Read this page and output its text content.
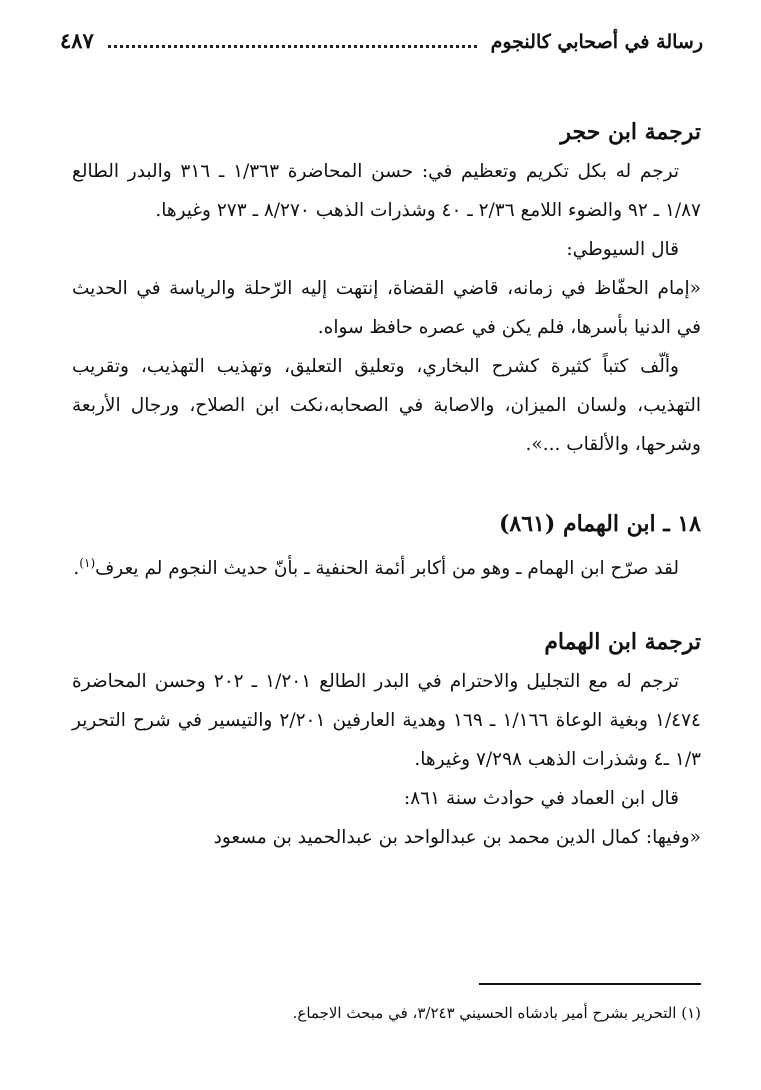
رسالة في أصحابي كالنجوم
٤٨٧
ترجمة ابن حجر

ترجم له بكل تكريم وتعظيم في: حسن المحاضرة ١/٣٦٣ ـ ٣١٦ والبدر الطالع ١/٨٧ ـ ٩٢ والضوء اللامع ٢/٣٦ ـ ٤٠ وشذرات الذهب ٨/٢٧٠ ـ ٢٧٣ وغيرها.

قال السيوطي:

«إمام الحفّاظ في زمانه، قاضي القضاة، إنتهت إليه الرّحلة والرياسة في الحديث في الدنيا بأسرها، فلم يكن في عصره حافظ سواه.

وألّف كتباً كثيرة كشرح البخاري، وتعليق التعليق، وتهذيب التهذيب، وتقريب التهذيب، ولسان الميزان، والاصابة في الصحابه،نكت ابن الصلاح، ورجال الأربعة وشرحها، والألقاب ...».

١٨ ـ ابن الهمام (٨٦١)

لقد صرّح ابن الهمام ـ وهو من أكابر أئمة الحنفية ـ بأنّ حديث النجوم لم يعرف$^{(١)}$.

ترجمة ابن الهمام

ترجم له مع التجليل والاحترام في البدر الطالع ١/٢٠١ ـ ٢٠٢ وحسن المحاضرة ١/٤٧٤ وبغية الوعاة ١/١٦٦ ـ ١٦٩ وهدية العارفين ٢/٢٠١ والتيسير في شرح التحرير ١/٣ ـ٤ وشذرات الذهب ٧/٢٩٨ وغيرها.

قال ابن العماد في حوادث سنة ٨٦١:

«وفيها: كمال الدين محمد بن عبدالواحد بن عبدالحميد بن مسعود

(١) التحرير بشرح أمير بادشاه الحسيني ٣/٢٤٣، في مبحث الاجماع.
